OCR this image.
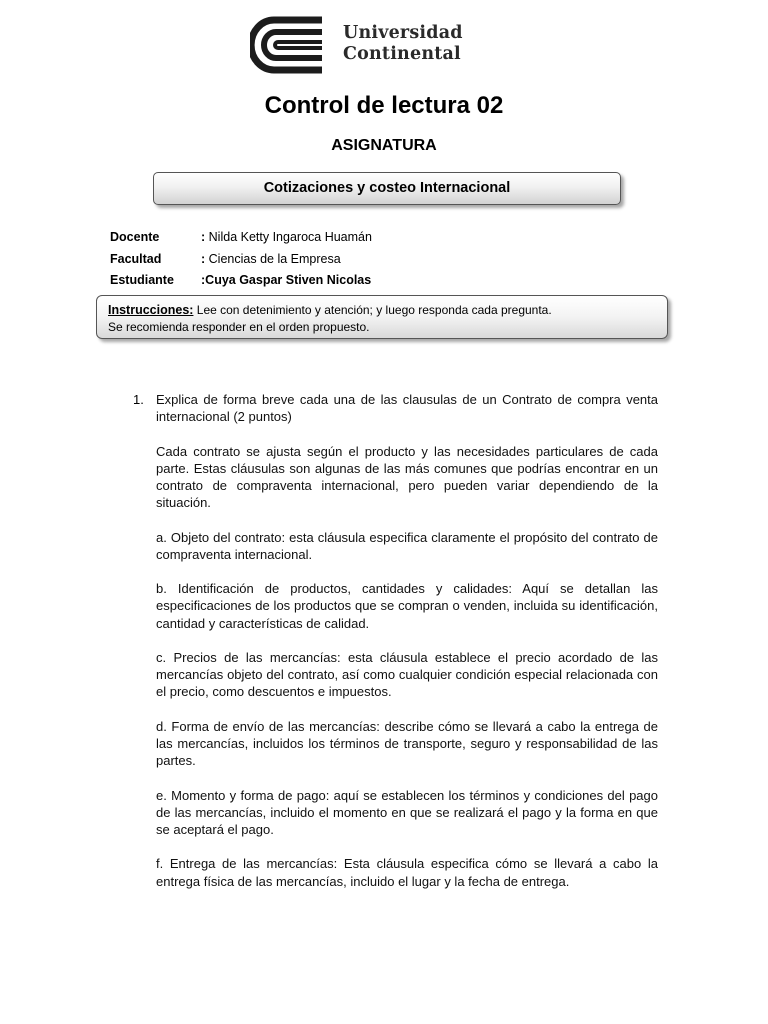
Universidad
Continental
Control de lectura 02
ASIGNATURA
Cotizaciones y costeo Internacional
Docente	: Nilda Ketty Ingaroca Huamán
Facultad	: Ciencias de la Empresa
Estudiante :Cuya Gaspar Stiven Nicolas
Instrucciones: Lee con detenimiento y atención; y luego responda cada pregunta.
Se recomienda responder en el orden propuesto.
1. Explica de forma breve cada una de las clausulas de un Contrato de compra venta internacional (2 puntos)

Cada contrato se ajusta según el producto y las necesidades particulares de cada parte. Estas cláusulas son algunas de las más comunes que podrías encontrar en un contrato de compraventa internacional, pero pueden variar dependiendo de la situación.

a. Objeto del contrato: esta cláusula especifica claramente el propósito del contrato de compraventa internacional.

b. Identificación de productos, cantidades y calidades: Aquí se detallan las especificaciones de los productos que se compran o venden, incluida su identificación, cantidad y características de calidad.

c. Precios de las mercancías: esta cláusula establece el precio acordado de las mercancías objeto del contrato, así como cualquier condición especial relacionada con el precio, como descuentos e impuestos.

d. Forma de envío de las mercancías: describe cómo se llevará a cabo la entrega de las mercancías, incluidos los términos de transporte, seguro y responsabilidad de las partes.

e. Momento y forma de pago: aquí se establecen los términos y condiciones del pago de las mercancías, incluido el momento en que se realizará el pago y la forma en que se aceptará el pago.

f. Entrega de las mercancías: Esta cláusula especifica cómo se llevará a cabo la entrega física de las mercancías, incluido el lugar y la fecha de entrega.
